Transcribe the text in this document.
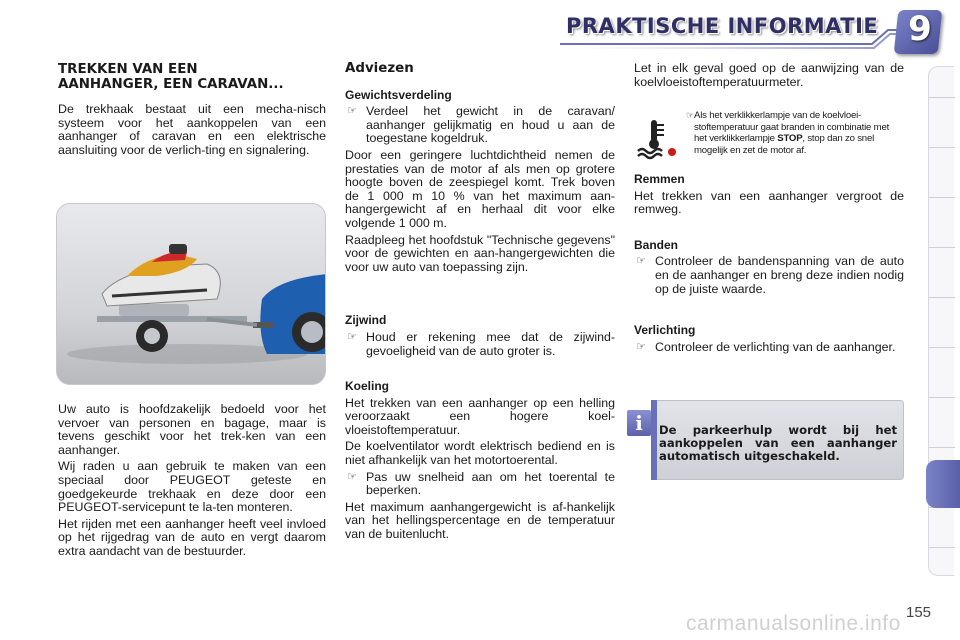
PRAKTISCHE INFORMATIE 9
TREKKEN VAN EEN
AANHANGER, EEN CARAVAN...

De trekhaak bestaat uit een mecha-nisch systeem voor het aankoppelen van een aanhanger of caravan en een elektrische aansluiting voor de verlich-ting en signalering.

Uw auto is hoofdzakelijk bedoeld voor het vervoer van personen en bagage, maar is tevens geschikt voor het trek-ken van een aanhanger.

Wij raden u aan gebruik te maken van een speciaal door PEUGEOT geteste en goedgekeurde trekhaak en deze door een PEUGEOT-servicepunt te la-ten monteren.

Het rijden met een aanhanger heeft veel invloed op het rijgedrag van de auto en vergt daarom extra aandacht van de bestuurder.

Adviezen
Gewichtsverdeling
☞ Verdeel het gewicht in de caravan/ aanhanger gelijkmatig en houd u aan de toegestane kogeldruk.

Door een geringere luchtdichtheid nemen de prestaties van de motor af als men op grotere hoogte boven de zeespiegel komt. Trek boven de 1 000 m 10 % van het maximum aan-hangergewicht af en herhaal dit voor elke volgende 1 000 m.

Raadpleeg het hoofdstuk "Technische gegevens" voor de gewichten en aan-hangergewichten die voor uw auto van toepassing zijn.

Zijwind
☞ Houd er rekening mee dat de zijwind-gevoeligheid van de auto groter is.
Koeling

Het trekken van een aanhanger op een helling veroorzaakt een hogere koel-vloeistoftemperatuur.

De koelventilator wordt elektrisch bediend en is niet afhankelijk van het motortoerental.

☞ Pas uw snelheid aan om het toerental te beperken.

Het maximum aanhangergewicht is af-hankelijk van het hellingspercentage en de temperatuur van de buitenlucht.

Let in elk geval goed op de aanwijzing van de koelvloeistoftemperatuurmeter.

☞ Als het verklikkerlampje van de koelvloei-stoftemperatuur gaat branden in combinatie met het verklikkerlampje STOP, stop dan zo snel mogelijk en zet de motor af.
Remmen

Het trekken van een aanhanger vergroot de remweg.

Banden
☞ Controleer de bandenspanning van de auto en de aanhanger en breng deze indien nodig op de juiste waarde.
Verlichting
☞ Controleer de verlichting van de aanhanger.
i	De parkeerhulp wordt bij het aankoppelen van een aanhanger automatisch uitgeschakeld.
155
carmanualsonline.info
